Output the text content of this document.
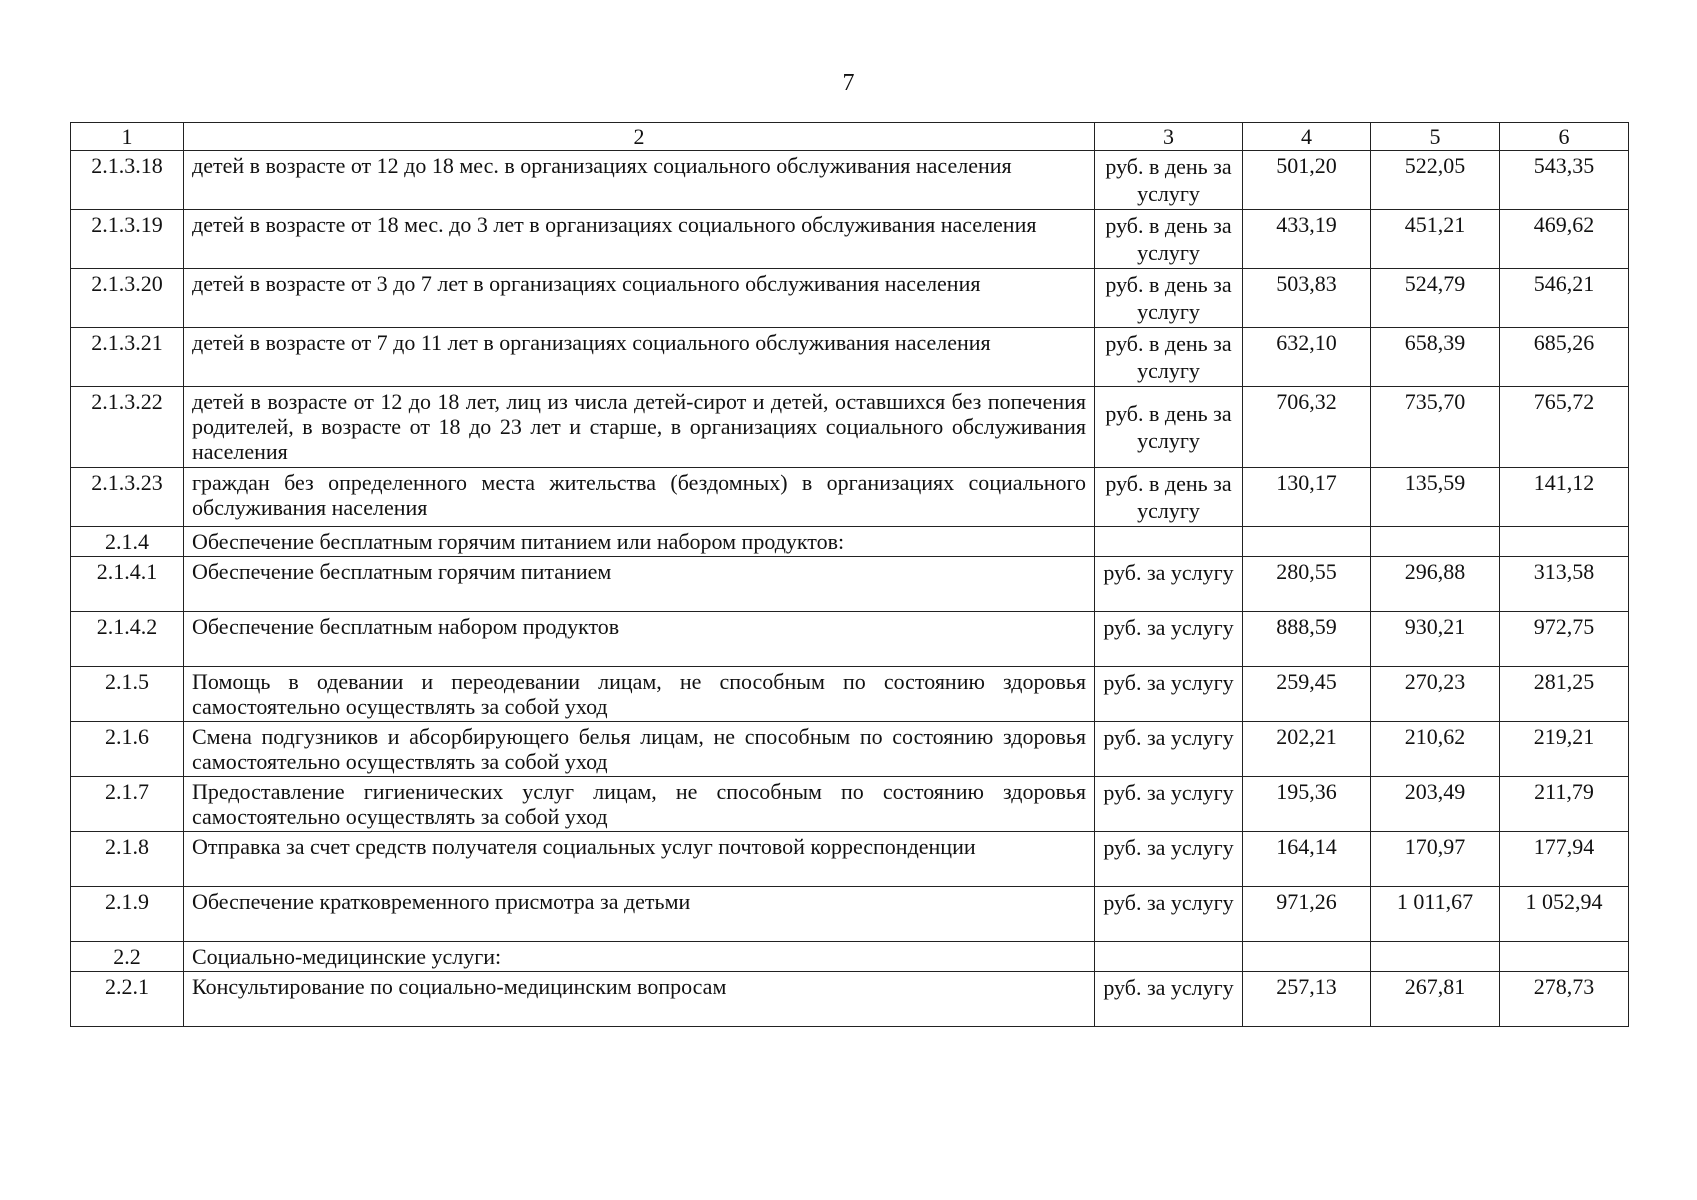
7
1	2	3	4	5	6
2.1.3.18	детей в возрасте от 12 до 18 мес. в организациях социального обслуживания населения	руб. в день за услугу	501,20	522,05	543,35
2.1.3.19	детей в возрасте от 18 мес. до 3 лет в организациях социального обслуживания населения	руб. в день за услугу	433,19	451,21	469,62
2.1.3.20	детей в возрасте от 3 до 7 лет в организациях социального обслуживания населения	руб. в день за услугу	503,83	524,79	546,21
2.1.3.21	детей в возрасте от 7 до 11 лет в организациях социального обслуживания населения	руб. в день за услугу	632,10	658,39	685,26
2.1.3.22	детей в возрасте от 12 до 18 лет, лиц из числа детей-сирот и детей, оставшихся без попечения родителей, в возрасте от 18 до 23 лет и старше, в организациях социального обслуживания населения	руб. в день за услугу	706,32	735,70	765,72
2.1.3.23	граждан без определенного места жительства (бездомных) в организациях социального обслуживания населения	руб. в день за услугу	130,17	135,59	141,12
2.1.4	Обеспечение бесплатным горячим питанием или набором продуктов:				
2.1.4.1	Обеспечение бесплатным горячим питанием	руб. за услугу	280,55	296,88	313,58
2.1.4.2	Обеспечение бесплатным набором продуктов	руб. за услугу	888,59	930,21	972,75
2.1.5	Помощь в одевании и переодевании лицам, не способным по состоянию здоровья самостоятельно осуществлять за собой уход	руб. за услугу	259,45	270,23	281,25
2.1.6	Смена подгузников и абсорбирующего белья лицам, не способным по состоянию здоровья самостоятельно осуществлять за собой уход	руб. за услугу	202,21	210,62	219,21
2.1.7	Предоставление гигиенических услуг лицам, не способным по состоянию здоровья самостоятельно осуществлять за собой уход	руб. за услугу	195,36	203,49	211,79
2.1.8	Отправка за счет средств получателя социальных услуг почтовой корреспонденции	руб. за услугу	164,14	170,97	177,94
2.1.9	Обеспечение кратковременного присмотра за детьми	руб. за услугу	971,26	1 011,67	1 052,94
2.2	Социально-медицинские услуги:				
2.2.1	Консультирование по социально-медицинским вопросам	руб. за услугу	257,13	267,81	278,73
